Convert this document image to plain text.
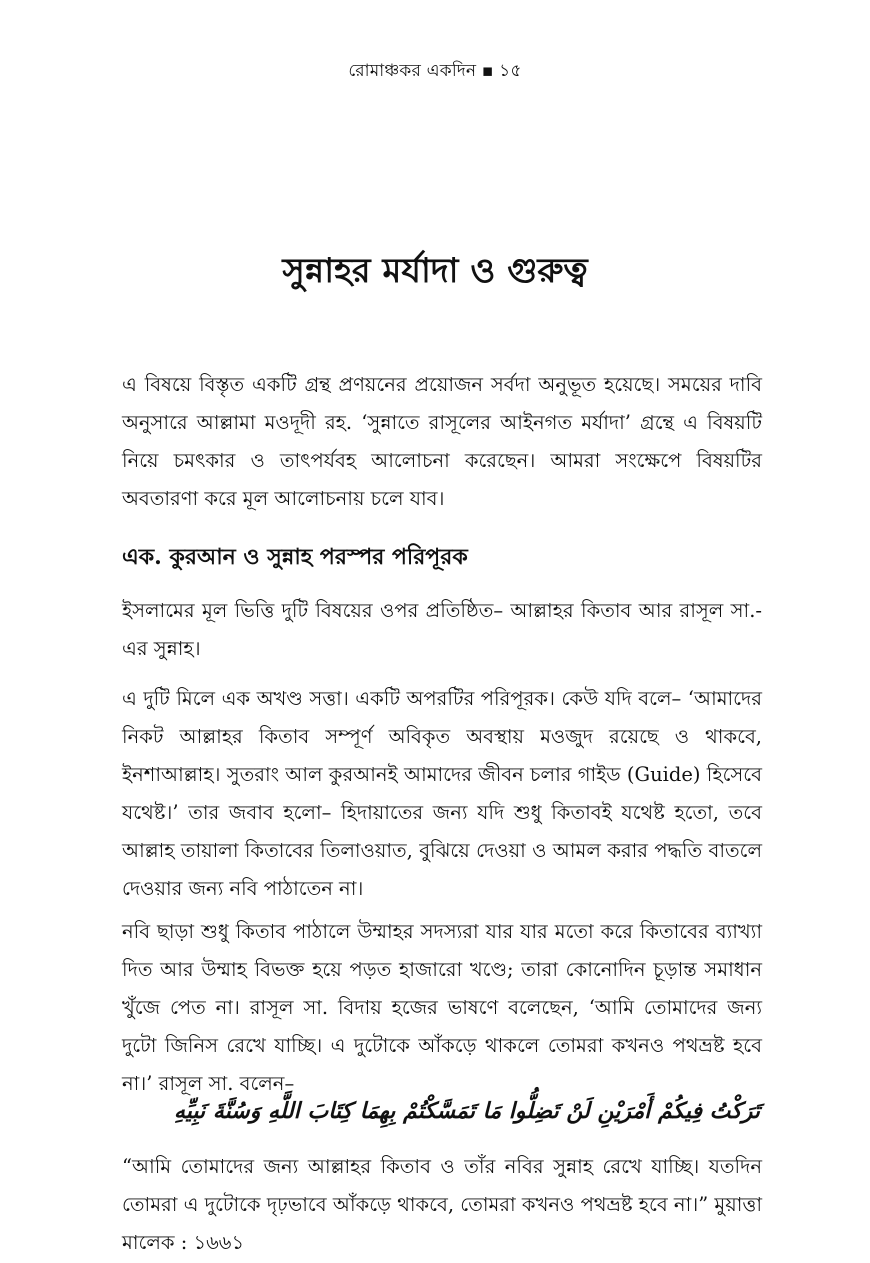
রোমাঞ্চকর একদিন ▪ ১৫
সুন্নাহর মর্যাদা ও গুরুত্ব

এ বিষয়ে বিস্তৃত একটি গ্রন্থ প্রণয়নের প্রয়োজন সর্বদা অনুভূত হয়েছে। সময়ের দাবি অনুসারে আল্লামা মওদূদী রহ. ‘সুন্নাতে রাসূলের আইনগত মর্যাদা’ গ্রন্থে এ বিষয়টি নিয়ে চমৎকার ও তাৎপর্যবহ আলোচনা করেছেন। আমরা সংক্ষেপে বিষয়টির অবতারণা করে মূল আলোচনায় চলে যাব।

এক. কুরআন ও সুন্নাহ পরস্পর পরিপূরক

ইসলামের মূল ভিত্তি দুটি বিষয়ের ওপর প্রতিষ্ঠিত– আল্লাহর কিতাব আর রাসূল সা.-এর সুন্নাহ।

এ দুটি মিলে এক অখণ্ড সত্তা। একটি অপরটির পরিপূরক। কেউ যদি বলে– ‘আমাদের নিকট আল্লাহর কিতাব সম্পূর্ণ অবিকৃত অবস্থায় মওজুদ রয়েছে ও থাকবে, ইনশাআল্লাহ। সুতরাং আল কুরআনই আমাদের জীবন চলার গাইড (Guide) হিসেবে যথেষ্ট।’ তার জবাব হলো– হিদায়াতের জন্য যদি শুধু কিতাবই যথেষ্ট হতো, তবে আল্লাহ তায়ালা কিতাবের তিলাওয়াত, বুঝিয়ে দেওয়া ও আমল করার পদ্ধতি বাতলে দেওয়ার জন্য নবি পাঠাতেন না।

নবি ছাড়া শুধু কিতাব পাঠালে উম্মাহর সদস্যরা যার যার মতো করে কিতাবের ব্যাখ্যা দিত আর উম্মাহ বিভক্ত হয়ে পড়ত হাজারো খণ্ডে; তারা কোনোদিন চূড়ান্ত সমাধান খুঁজে পেত না। রাসূল সা. বিদায় হজের ভাষণে বলেছেন, ‘আমি তোমাদের জন্য দুটো জিনিস রেখে যাচ্ছি। এ দুটোকে আঁকড়ে থাকলে তোমরা কখনও পথভ্রষ্ট হবে না।’ রাসূল সা. বলেন–

تَرَكْتُ فِيكُمْ أَمْرَيْنِ لَنْ تَضِلُّوا مَا تَمَسَّكْتُمْ بِهِمَا كِتَابَ اللَّهِ وَسُنَّةَ نَبِيِّهِ

“আমি তোমাদের জন্য আল্লাহর কিতাব ও তাঁর নবির সুন্নাহ রেখে যাচ্ছি। যতদিন তোমরা এ দুটোকে দৃঢ়ভাবে আঁকড়ে থাকবে, তোমরা কখনও পথভ্রষ্ট হবে না।” মুয়াত্তা মালেক : ১৬৬১
